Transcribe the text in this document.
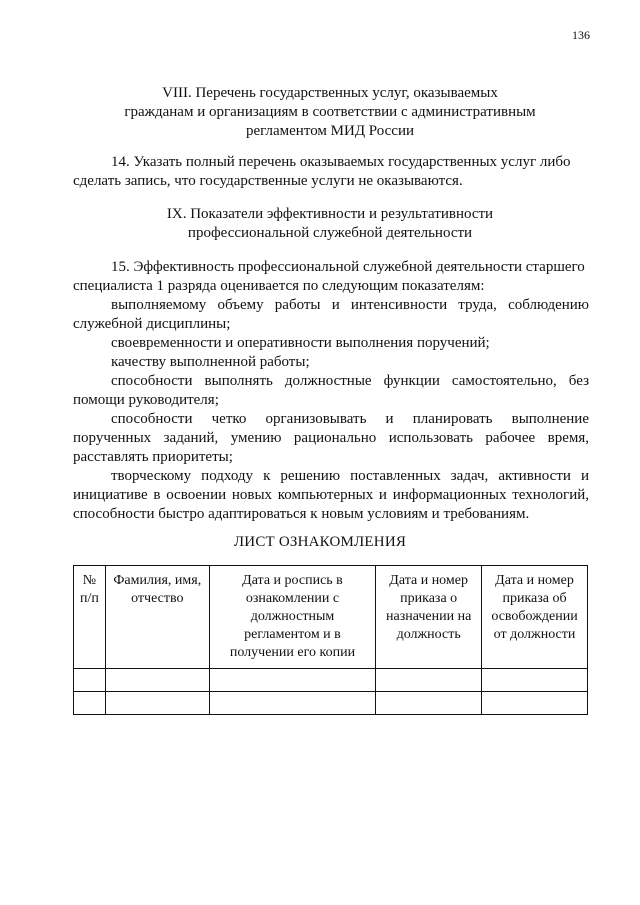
136
VIII. Перечень государственных услуг, оказываемых
гражданам и организациям в соответствии с административным
регламентом МИД России
14. Указать полный перечень оказываемых государственных услуг либо
сделать запись, что государственные услуги не оказываются.
IX. Показатели эффективности и результативности
профессиональной служебной деятельности
15. Эффективность профессиональной служебной деятельности старшего
специалиста 1 разряда оценивается по следующим показателям:
выполняемому объему работы и интенсивности труда, соблюдению служебной дисциплины;
своевременности и оперативности выполнения поручений;
качеству выполненной работы;
способности выполнять должностные функции самостоятельно, без помощи руководителя;
способности четко организовывать и планировать выполнение порученных заданий, умению рационально использовать рабочее время, расставлять приоритеты;
творческому подходу к решению поставленных задач, активности и инициативе в освоении новых компьютерных и информационных технологий, способности быстро адаптироваться к новым условиям и требованиям.
ЛИСТ ОЗНАКОМЛЕНИЯ
№ п/п	Фамилия, имя, отчество	Дата и роспись в ознакомлении с должностным регламентом и в получении его копии	Дата и номер приказа о назначении на должность	Дата и номер приказа об освобождении от должности
